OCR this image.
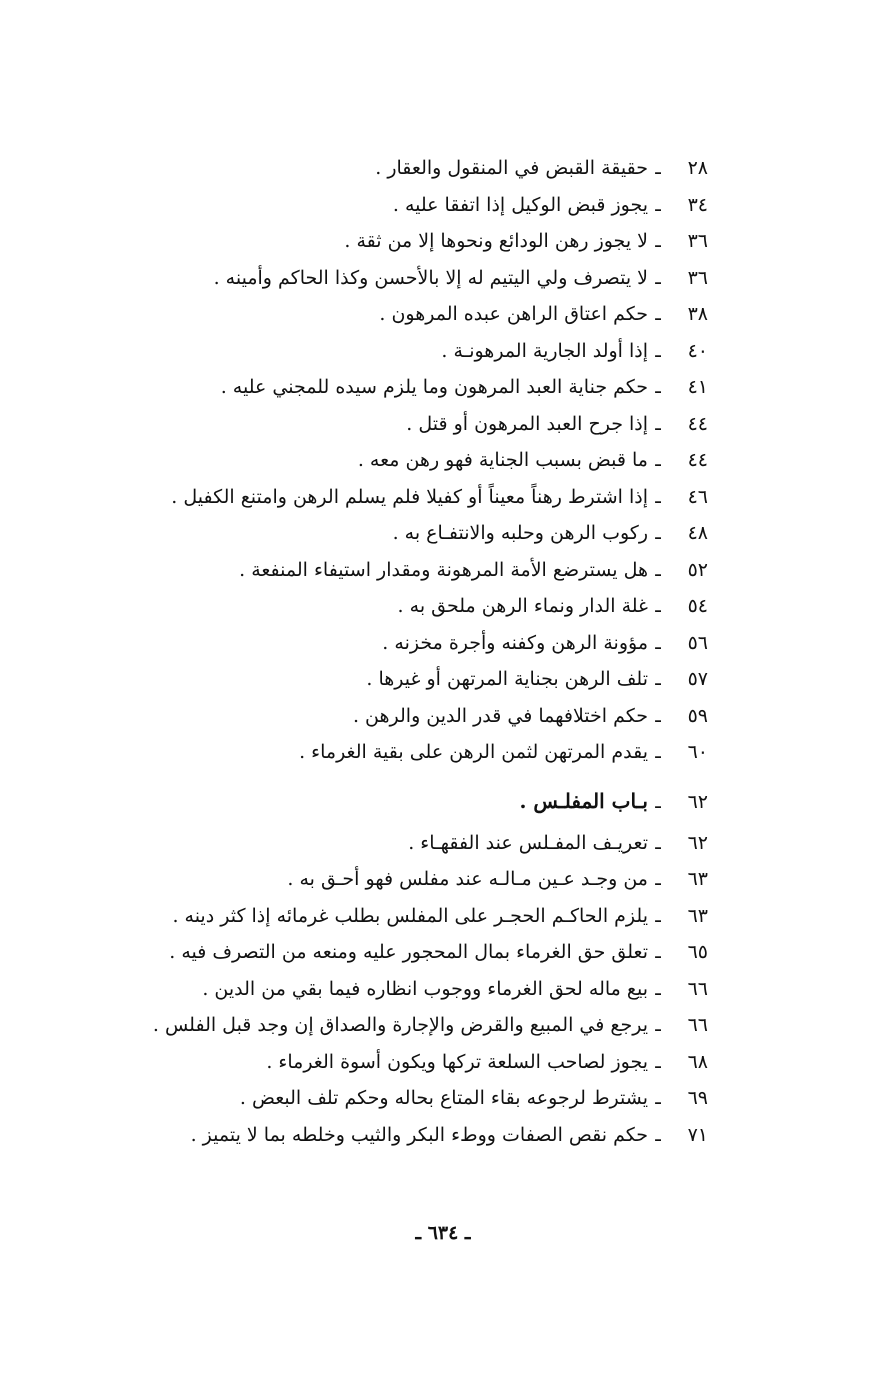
٢٨
ـ
حقيقة القبض في المنقول والعقار .
٣٤
ـ
يجوز قبض الوكيل إذا اتفقا عليه .
٣٦
ـ
لا يجوز رهن الودائع ونحوها إلا من ثقة .
٣٦
ـ
لا يتصرف ولي اليتيم له إلا بالأحسن وكذا الحاكم وأمينه .
٣٨
ـ
حكم اعتاق الراهن عبده المرهون .
٤٠
ـ
إذا أولد الجارية المرهونـة .
٤١
ـ
حكم جناية العبد المرهون وما يلزم سيده للمجني عليه .
٤٤
ـ
إذا جرح العبد المرهون أو قتل .
٤٤
ـ
ما قبض بسبب الجناية فهو رهن معه .
٤٦
ـ
إذا اشترط رهناً معيناً أو كفيلا فلم يسلم الرهن وامتنع الكفيل .
٤٨
ـ
ركوب الرهن وحلبه والانتفـاع به .
٥٢
ـ
هل يسترضع الأمة المرهونة ومقدار استيفاء المنفعة .
٥٤
ـ
غلة الدار ونماء الرهن ملحق به .
٥٦
ـ
مؤونة الرهن وكفنه وأجرة مخزنه .
٥٧
ـ
تلف الرهن بجناية المرتهن أو غيرها .
٥٩
ـ
حكم اختلافهما في قدر الدين والرهن .
٦٠
ـ
يقدم المرتهن لثمن الرهن على بقية الغرماء .
٦٢
ـ
بـاب المفلـس .
٦٢
ـ
تعريـف المفـلس عند الفقهـاء .
٦٣
ـ
من وجـد عـين مـالـه عند مفلس فهو أحـق به .
٦٣
ـ
يلزم الحاكـم الحجـر على المفلس بطلب غرمائه إذا كثر دينه .
٦٥
ـ
تعلق حق الغرماء بمال المحجور عليه ومنعه من التصرف فيه .
٦٦
ـ
بيع ماله لحق الغرماء ووجوب انظاره فيما بقي من الدين .
٦٦
ـ
يرجع في المبيع والقرض والإجارة والصداق إن وجد قبل الفلس .
٦٨
ـ
يجوز لصاحب السلعة تركها ويكون أسوة الغرماء .
٦٩
ـ
يشترط لرجوعه بقاء المتاع بحاله وحكم تلف البعض .
٧١
ـ
حكم نقص الصفات ووطء البكر والثيب وخلطه بما لا يتميز .
ـ ٦٣٤ ـ
